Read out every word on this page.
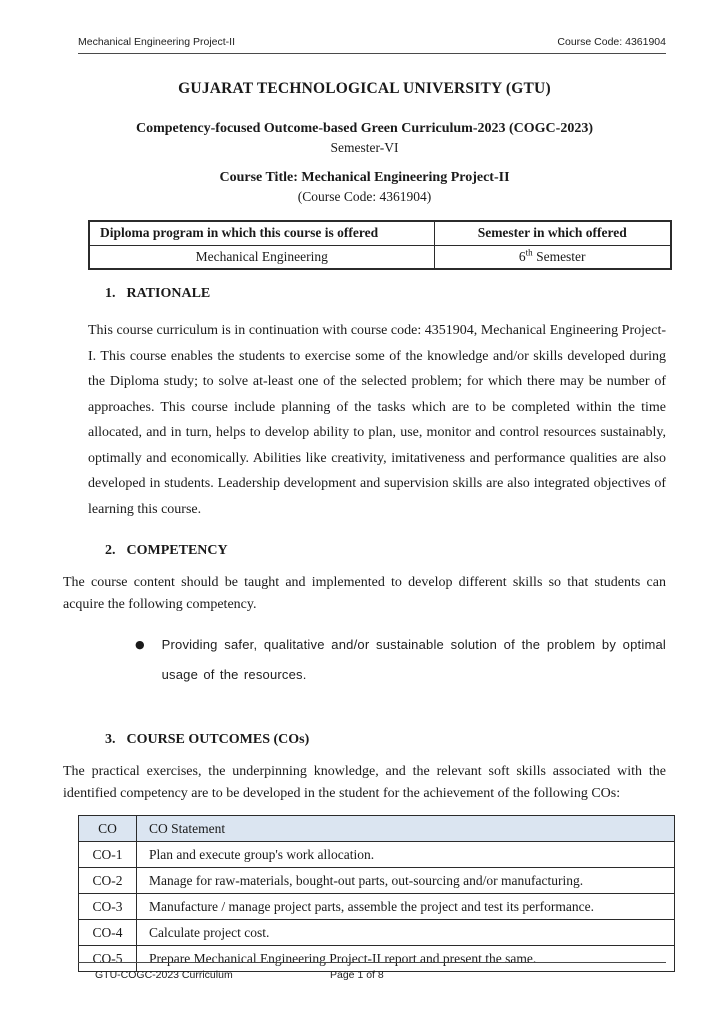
Mechanical Engineering Project-II	Course Code: 4361904
GUJARAT TECHNOLOGICAL UNIVERSITY (GTU)
Competency-focused Outcome-based Green Curriculum-2023 (COGC-2023)
Semester-VI
Course Title: Mechanical Engineering Project-II
(Course Code: 4361904)
Diploma program in which this course is offered	Semester in which offered
Mechanical Engineering	6th Semester
1. RATIONALE
This course curriculum is in continuation with course code: 4351904, Mechanical Engineering Project-I. This course enables the students to exercise some of the knowledge and/or skills developed during the Diploma study; to solve at-least one of the selected problem; for which there may be number of approaches. This course include planning of the tasks which are to be completed within the time allocated, and in turn, helps to develop ability to plan, use, monitor and control resources sustainably, optimally and economically. Abilities like creativity, imitativeness and performance qualities are also developed in students. Leadership development and supervision skills are also integrated objectives of learning this course.
2. COMPETENCY
The course content should be taught and implemented to develop different skills so that students can acquire the following competency.
● Providing safer, qualitative and/or sustainable solution of the problem by optimal usage of the resources.
3. COURSE OUTCOMES (COs)
The practical exercises, the underpinning knowledge, and the relevant soft skills associated with the identified competency are to be developed in the student for the achievement of the following COs:
CO	CO Statement
CO-1	Plan and execute group's work allocation.
CO-2	Manage for raw-materials, bought-out parts, out-sourcing and/or manufacturing.
CO-3	Manufacture / manage project parts, assemble the project and test its performance.
CO-4	Calculate project cost.
CO-5	Prepare Mechanical Engineering Project-II report and present the same.
GTU-COGC-2023 Curriculum	Page 1 of 8
